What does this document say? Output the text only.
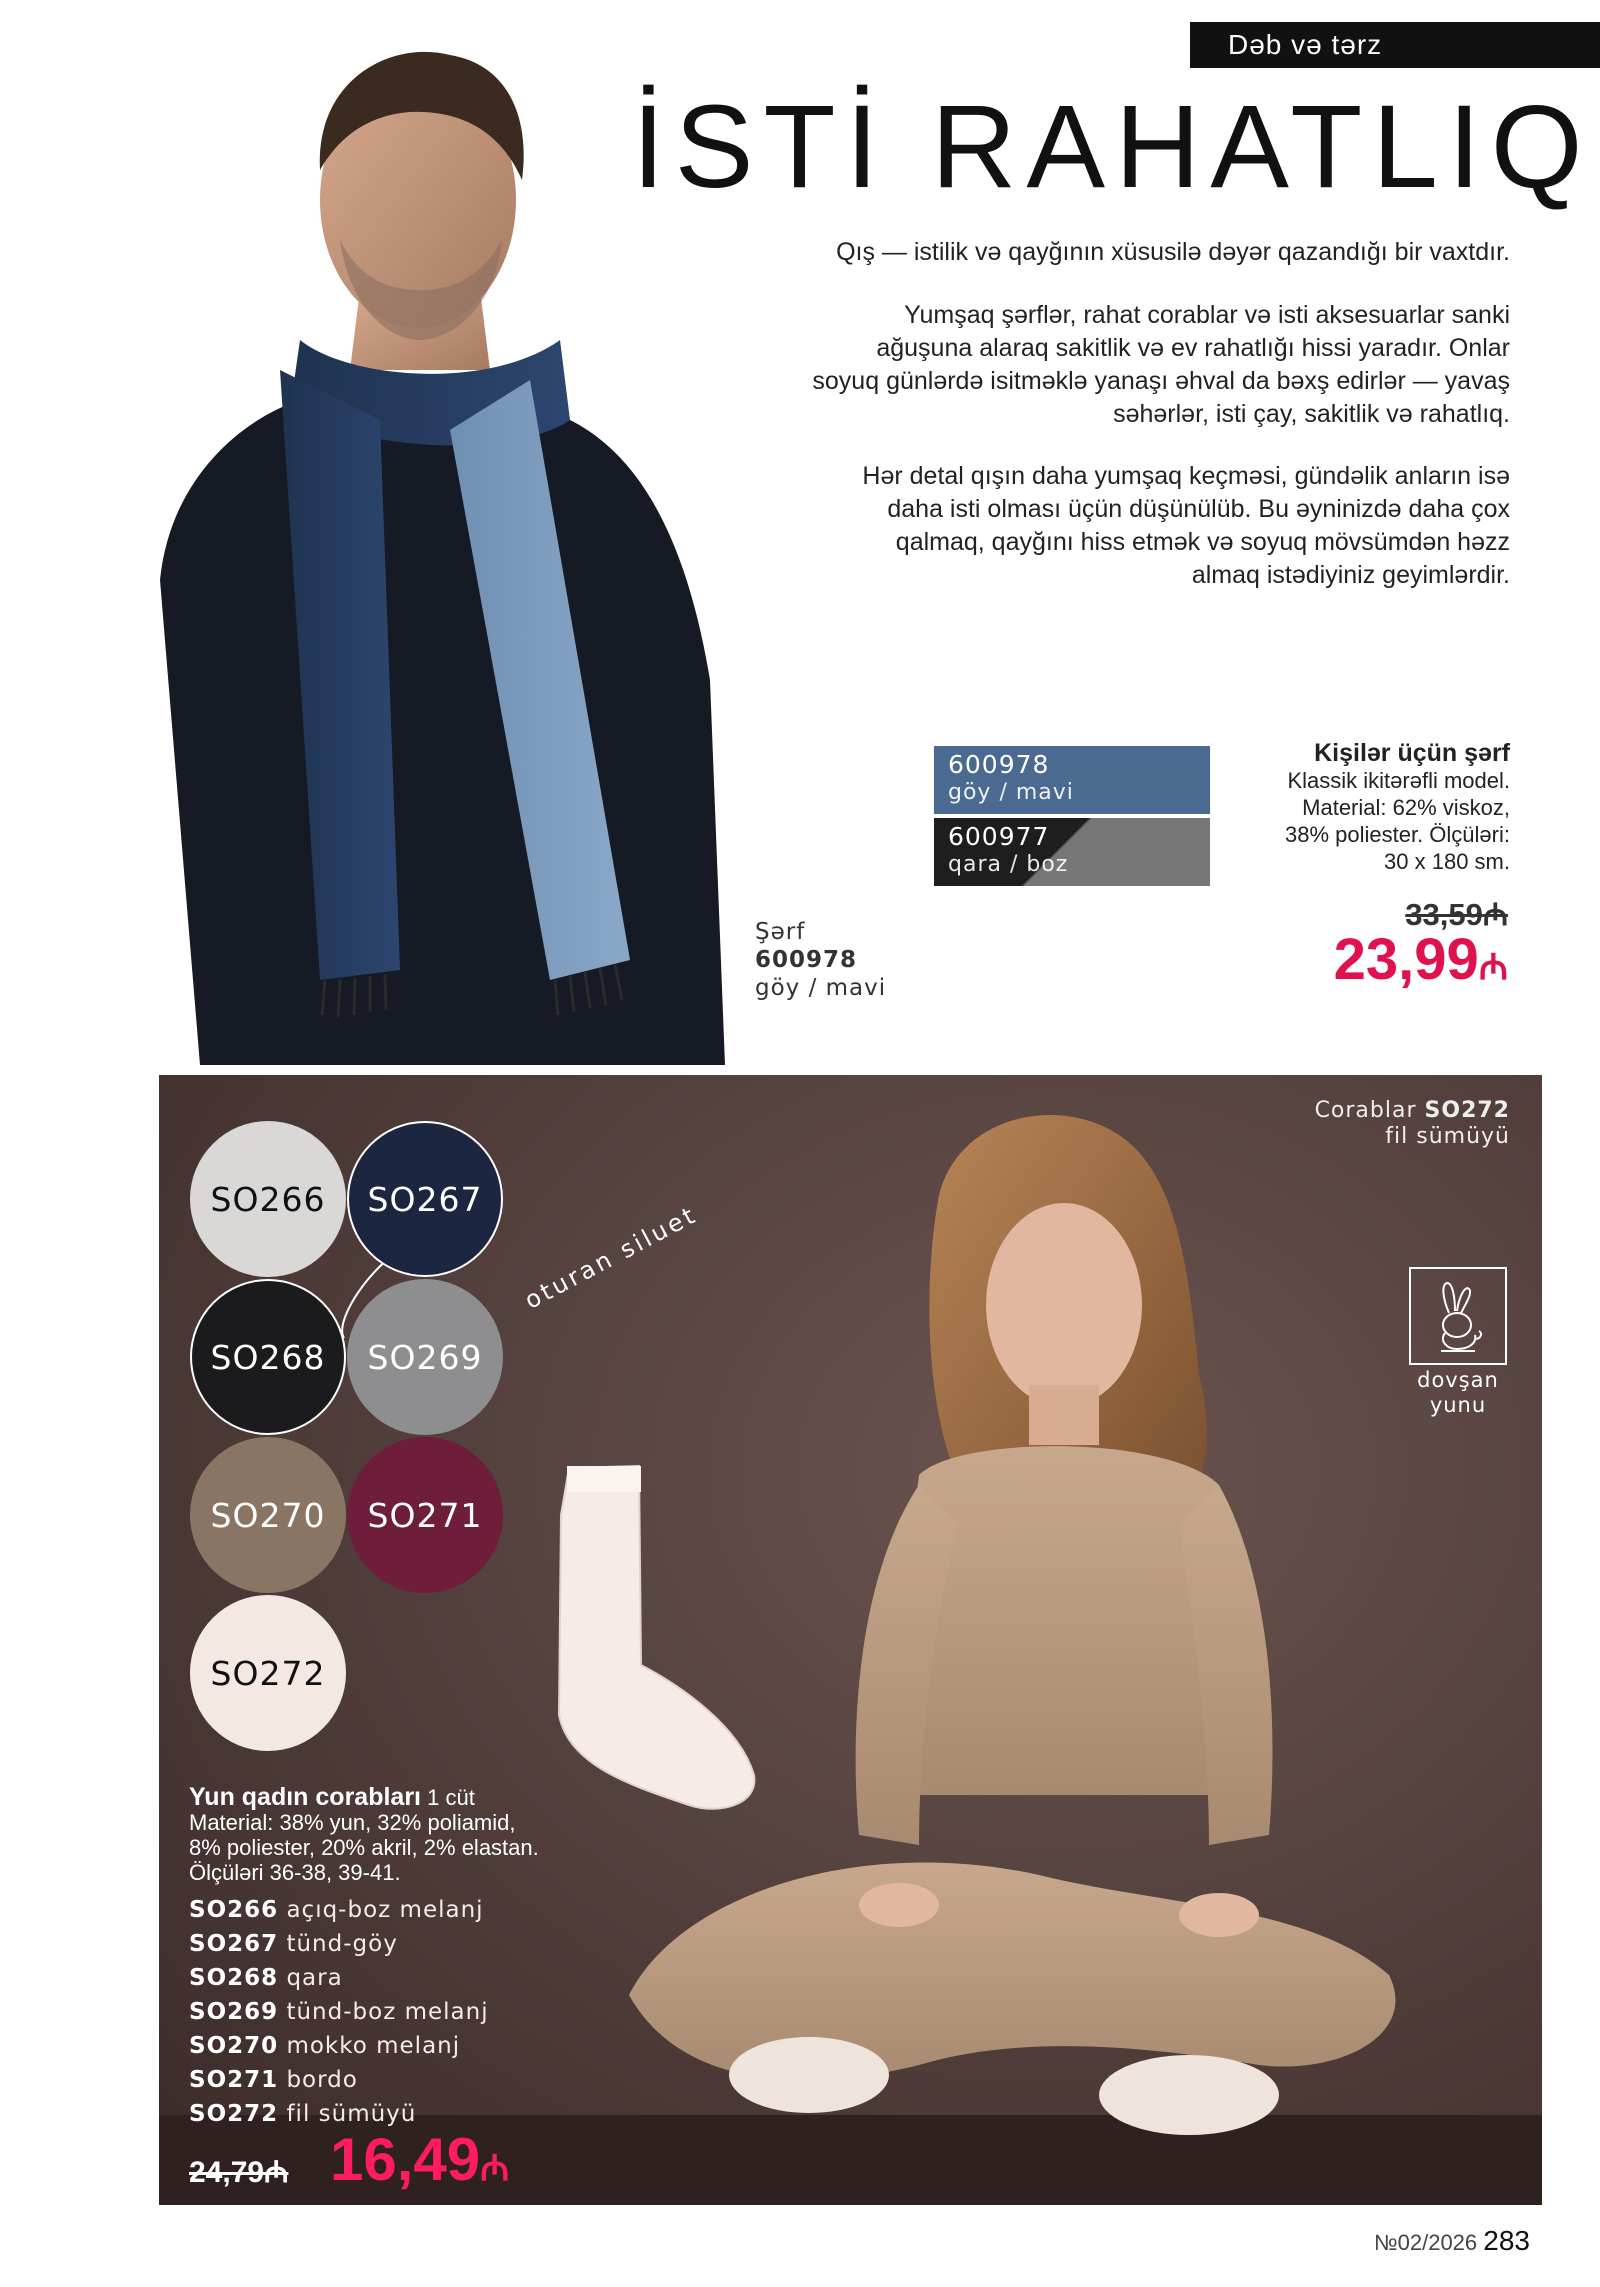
Dəb və tərz
İSTİ RAHATLIQ

Qış — istilik və qayğının xüsusilə dəyər qazandığı bir vaxtdır.

Yumşaq şərflər, rahat corablar və isti aksesuarlar sanki

ağuşuna alaraq sakitlik və ev rahatlığı hissi yaradır. Onlar

soyuq günlərdə isitməklə yanaşı əhval da bəxş edirlər — yavaş

səhərlər, isti çay, sakitlik və rahatlıq.

Hər detal qışın daha yumşaq keçməsi, gündəlik anların isə

daha isti olması üçün düşünülüb. Bu əyninizdə daha çox

qalmaq, qayğını hiss etmək və soyuq mövsümdən həzz

almaq istədiyiniz geyimlərdir.

600978
göy / mavi
600977
qara / boz
Kişilər üçün şərf
Klassik ikitərəfli model.
Material: 62% viskoz,
38% poliester. Ölçüləri:
30 x 180 sm.
33,59₼
23,99₼
Şərf
600978
göy / mavi
oturan siluet
SO266	SO267
SO268	SO269
SO270	SO271
SO272
Yun qadın corabları 1 cüt
Material: 38% yun, 32% poliamid,
8% poliester, 20% akril, 2% elastan.
Ölçüləri 36-38, 39-41.
SO266 açıq-boz melanj
SO267 tünd-göy
SO268 qara
SO269 tünd-boz melanj
SO270 mokko melanj
SO271 bordo
SO272 fil sümüyü
24,79₼ 16,49₼
Corablar SO272
fil sümüyü
dovşan
yunu
№02/2026 283
